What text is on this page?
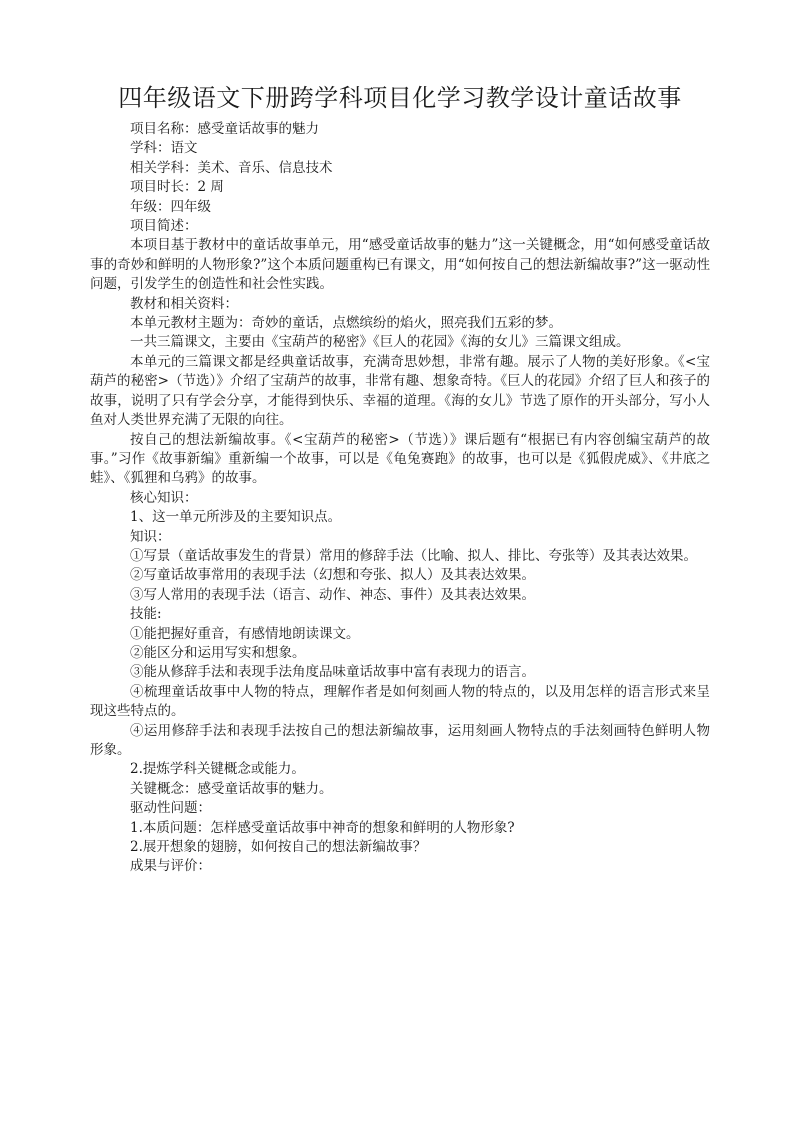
四年级语文下册跨学科项目化学习教学设计童话故事

项目名称：感受童话故事的魅力

学科：语文

相关学科：美术、音乐、信息技术

项目时长：2 周

年级：四年级

项目简述：

本项目基于教材中的童话故事单元，用“感受童话故事的魅力”这一关键概念，用“如何感受童话故事的奇妙和鲜明的人物形象?”这个本质问题重构已有课文，用“如何按自己的想法新编故事?”这一驱动性问题，引发学生的创造性和社会性实践。

教材和相关资料：

本单元教材主题为：奇妙的童话，点燃缤纷的焰火，照亮我们五彩的梦。

一共三篇课文，主要由《宝葫芦的秘密》《巨人的花园》《海的女儿》三篇课文组成。

本单元的三篇课文都是经典童话故事，充满奇思妙想，非常有趣。展示了人物的美好形象。《<宝葫芦的秘密>（节选）》介绍了宝葫芦的故事，非常有趣、想象奇特。《巨人的花园》介绍了巨人和孩子的故事，说明了只有学会分享，才能得到快乐、幸福的道理。《海的女儿》节选了原作的开头部分，写小人鱼对人类世界充满了无限的向往。

按自己的想法新编故事。《<宝葫芦的秘密>（节选）》课后题有“根据已有内容创编宝葫芦的故事。”习作《故事新编》重新编一个故事，可以是《龟兔赛跑》的故事，也可以是《狐假虎威》、《井底之蛙》、《狐狸和乌鸦》的故事。

核心知识：

1、这一单元所涉及的主要知识点。

知识：

①写景（童话故事发生的背景）常用的修辞手法（比喻、拟人、排比、夸张等）及其表达效果。

②写童话故事常用的表现手法（幻想和夸张、拟人）及其表达效果。

③写人常用的表现手法（语言、动作、神态、事件）及其表达效果。

技能:

①能把握好重音，有感情地朗读课文。

②能区分和运用写实和想象。

③能从修辞手法和表现手法角度品味童话故事中富有表现力的语言。

④梳理童话故事中人物的特点，理解作者是如何刻画人物的特点的，以及用怎样的语言形式来呈现这些特点的。

④运用修辞手法和表现手法按自己的想法新编故事，运用刻画人物特点的手法刻画特色鲜明人物形象。

2.提炼学科关键概念或能力。

关键概念：感受童话故事的魅力。

驱动性问题：

1.本质问题：怎样感受童话故事中神奇的想象和鲜明的人物形象?

2.展开想象的翅膀，如何按自己的想法新编故事？

成果与评价：
